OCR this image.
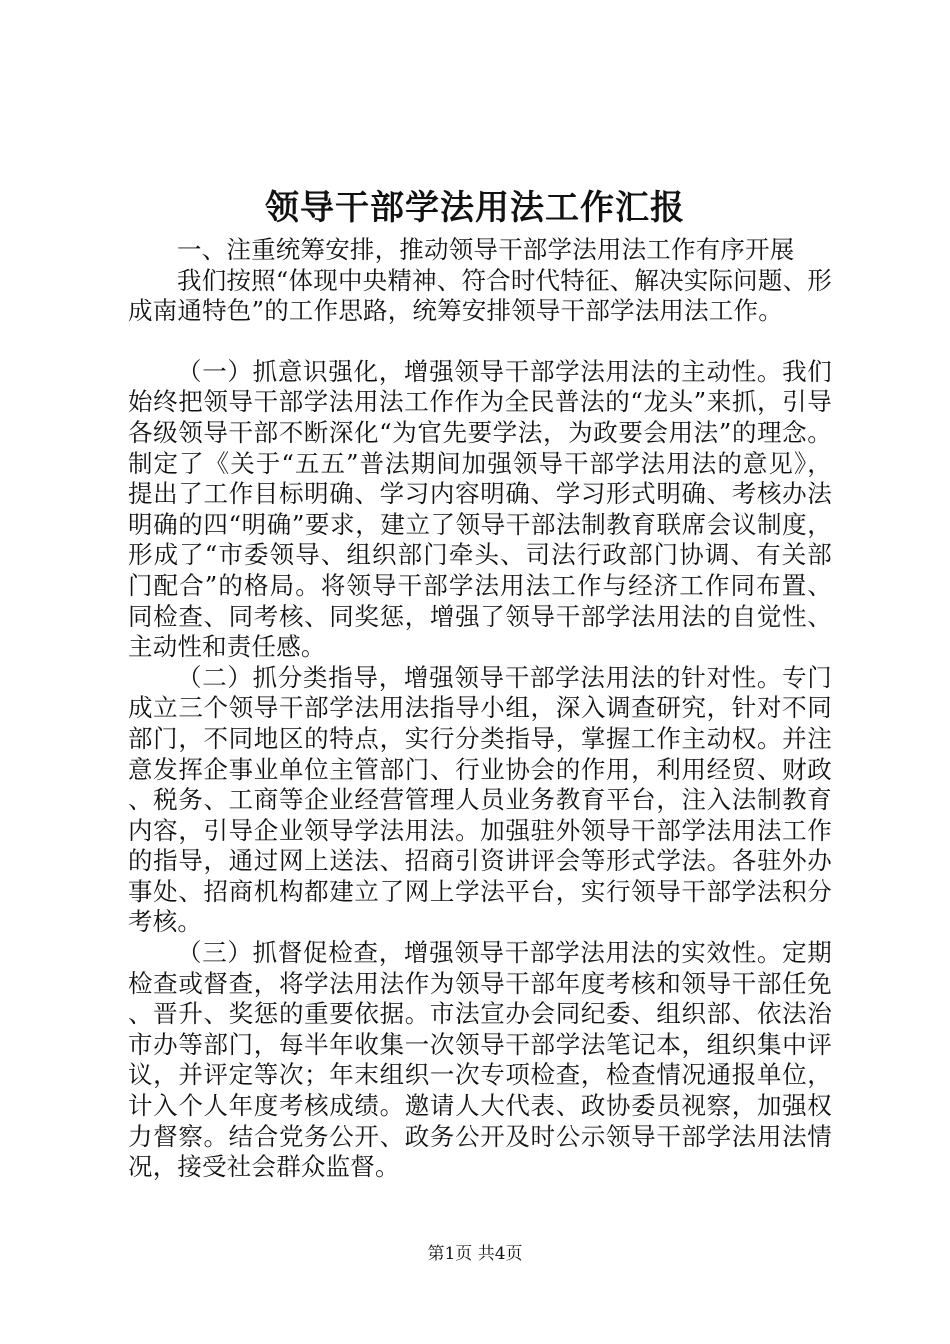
领导干部学法用法工作汇报

一、注重统筹安排，推动领导干部学法用法工作有序开展

我们按照“体现中央精神、符合时代特征、解决实际问题、形成南通特色”的工作思路，统筹安排领导干部学法用法工作。

（一）抓意识强化，增强领导干部学法用法的主动性。我们始终把领导干部学法用法工作作为全民普法的“龙头”来抓，引导各级领导干部不断深化“为官先要学法，为政要会用法”的理念。制定了《关于“五五”普法期间加强领导干部学法用法的意见》，提出了工作目标明确、学习内容明确、学习形式明确、考核办法明确的四“明确”要求，建立了领导干部法制教育联席会议制度，形成了“市委领导、组织部门牵头、司法行政部门协调、有关部门配合”的格局。将领导干部学法用法工作与经济工作同布置、同检查、同考核、同奖惩，增强了领导干部学法用法的自觉性、主动性和责任感。

（二）抓分类指导，增强领导干部学法用法的针对性。专门成立三个领导干部学法用法指导小组，深入调查研究，针对不同部门，不同地区的特点，实行分类指导，掌握工作主动权。并注意发挥企事业单位主管部门、行业协会的作用，利用经贸、财政、税务、工商等企业经营管理人员业务教育平台，注入法制教育内容，引导企业领导学法用法。加强驻外领导干部学法用法工作的指导，通过网上送法、招商引资讲评会等形式学法。各驻外办事处、招商机构都建立了网上学法平台，实行领导干部学法积分考核。

（三）抓督促检查，增强领导干部学法用法的实效性。定期检查或督查，将学法用法作为领导干部年度考核和领导干部任免、晋升、奖惩的重要依据。市法宣办会同纪委、组织部、依法治市办等部门，每半年收集一次领导干部学法笔记本，组织集中评议，并评定等次；年末组织一次专项检查，检查情况通报单位，计入个人年度考核成绩。邀请人大代表、政协委员视察，加强权力督察。结合党务公开、政务公开及时公示领导干部学法用法情况，接受社会群众监督。

第1页 共4页
